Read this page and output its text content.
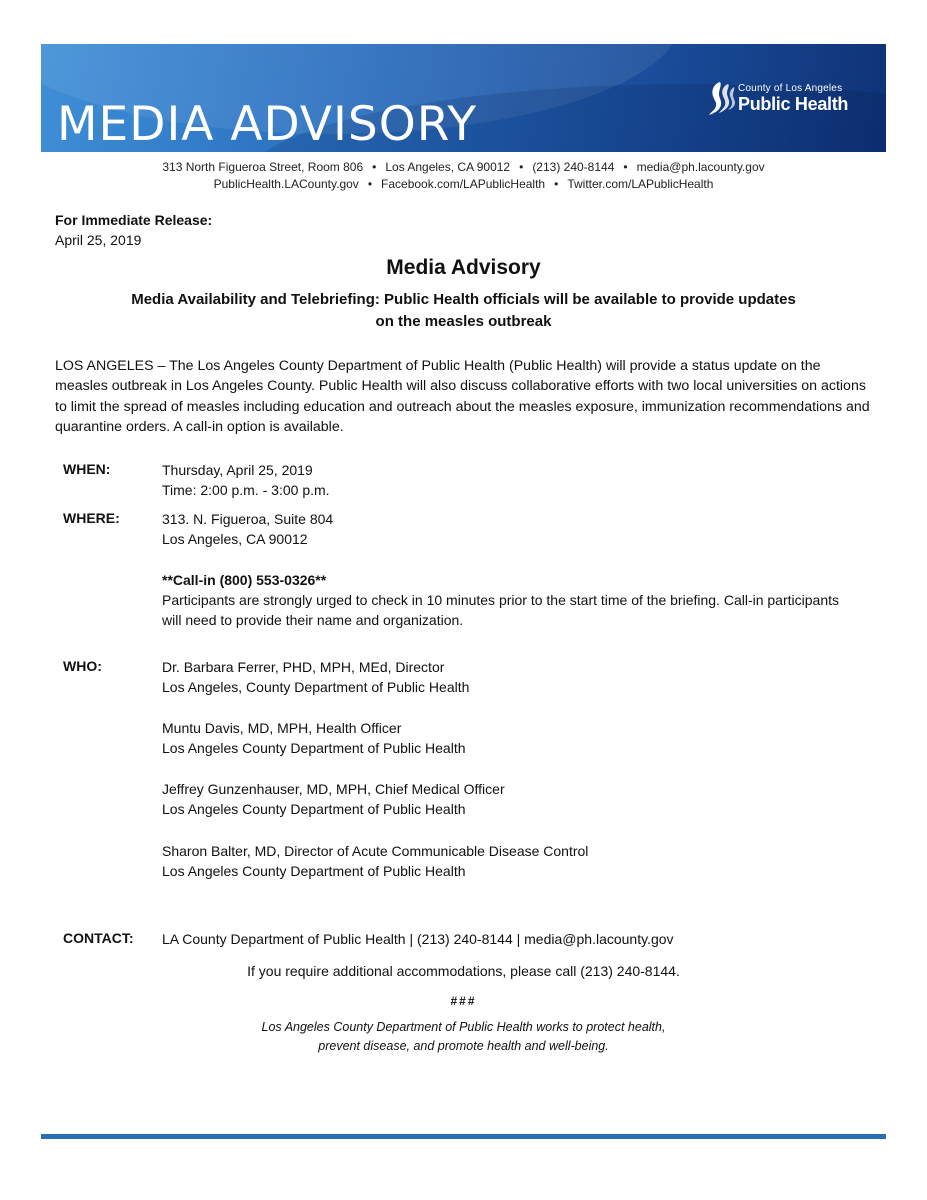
MEDIA ADVISORY
County of Los Angeles
Public Health
313 North Figueroa Street, Room 806 • Los Angeles, CA 90012 • (213) 240-8144 • media@ph.lacounty.gov
PublicHealth.LACounty.gov • Facebook.com/LAPublicHealth • Twitter.com/LAPublicHealth
For Immediate Release:
April 25, 2019
Media Advisory
Media Availability and Telebriefing: Public Health officials will be available to provide updates
on the measles outbreak
LOS ANGELES – The Los Angeles County Department of Public Health (Public Health) will provide a status update on the measles outbreak in Los Angeles County. Public Health will also discuss collaborative efforts with two local universities on actions to limit the spread of measles including education and outreach about the measles exposure, immunization recommendations and quarantine orders. A call-in option is available.
WHEN:	Thursday, April 25, 2019
Time: 2:00 p.m. - 3:00 p.m.
WHERE:	313. N. Figueroa, Suite 804
Los Angeles, CA 90012
**Call-in (800) 553-0326**
Participants are strongly urged to check in 10 minutes prior to the start time of the briefing. Call-in participants will need to provide their name and organization.
WHO:	Dr. Barbara Ferrer, PHD, MPH, MEd, Director
Los Angeles, County Department of Public Health
Muntu Davis, MD, MPH, Health Officer
Los Angeles County Department of Public Health
Jeffrey Gunzenhauser, MD, MPH, Chief Medical Officer
Los Angeles County Department of Public Health
Sharon Balter, MD, Director of Acute Communicable Disease Control
Los Angeles County Department of Public Health
CONTACT: LA County Department of Public Health | (213) 240-8144 | media@ph.lacounty.gov
If you require additional accommodations, please call (213) 240-8144.
###
Los Angeles County Department of Public Health works to protect health,
prevent disease, and promote health and well-being.
